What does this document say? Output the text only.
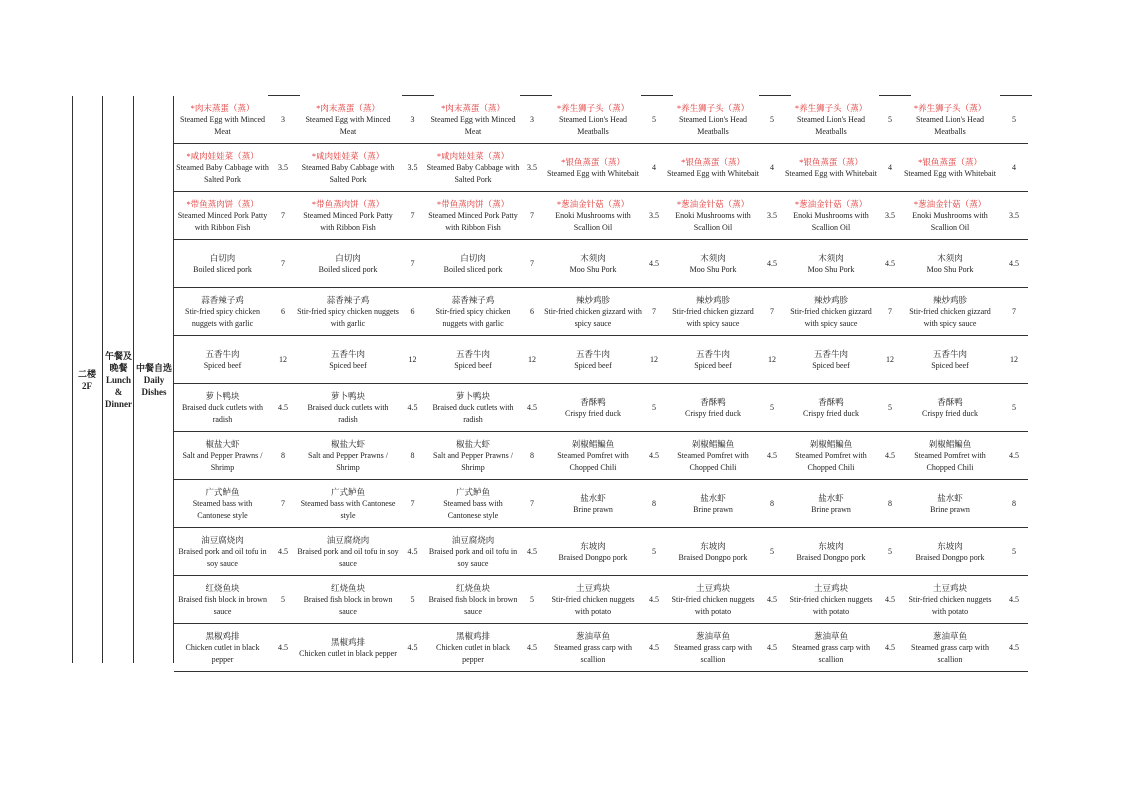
二楼
2F
午餐及
晚餐
Lunch
&
Dinner
中餐自选
Daily
Dishes
*肉末蒸蛋（蒸）
Steamed Egg with Minced Meat
3
*肉末蒸蛋（蒸）
Steamed Egg with Minced Meat
3
*肉末蒸蛋（蒸）
Steamed Egg with Minced Meat
3
*养生狮子头（蒸）
Steamed Lion's Head Meatballs
5
*养生狮子头（蒸）
Steamed Lion's Head Meatballs
5
*养生狮子头（蒸）
Steamed Lion's Head Meatballs
5
*养生狮子头（蒸）
Steamed Lion's Head Meatballs
5
*咸肉娃娃菜（蒸）
Steamed Baby Cabbage with Salted Pork
3.5
*咸肉娃娃菜（蒸）
Steamed Baby Cabbage with Salted Pork
3.5
*咸肉娃娃菜（蒸）
Steamed Baby Cabbage with Salted Pork
3.5
*银鱼蒸蛋（蒸）
Steamed Egg with Whitebait
4
*银鱼蒸蛋（蒸）
Steamed Egg with Whitebait
4
*银鱼蒸蛋（蒸）
Steamed Egg with Whitebait
4
*银鱼蒸蛋（蒸）
Steamed Egg with Whitebait
4
*带鱼蒸肉饼（蒸）
Steamed Minced Pork Patty with Ribbon Fish
7
*带鱼蒸肉饼（蒸）
Steamed Minced Pork Patty with Ribbon Fish
7
*带鱼蒸肉饼（蒸）
Steamed Minced Pork Patty with Ribbon Fish
7
*葱油金针菇（蒸）
Enoki Mushrooms with Scallion Oil
3.5
*葱油金针菇（蒸）
Enoki Mushrooms with Scallion Oil
3.5
*葱油金针菇（蒸）
Enoki Mushrooms with Scallion Oil
3.5
*葱油金针菇（蒸）
Enoki Mushrooms with Scallion Oil
3.5
白切肉
Boiled sliced pork
7
白切肉
Boiled sliced pork
7
白切肉
Boiled sliced pork
7
木须肉
Moo Shu Pork
4.5
木须肉
Moo Shu Pork
4.5
木须肉
Moo Shu Pork
4.5
木须肉
Moo Shu Pork
4.5
蒜香辣子鸡
Stir-fried spicy chicken nuggets with garlic
6
蒜香辣子鸡
Stir-fried spicy chicken nuggets with garlic
6
蒜香辣子鸡
Stir-fried spicy chicken nuggets with garlic
6
辣炒鸡胗
Stir-fried chicken gizzard with spicy sauce
7
辣炒鸡胗
Stir-fried chicken gizzard with spicy sauce
7
辣炒鸡胗
Stir-fried chicken gizzard with spicy sauce
7
辣炒鸡胗
Stir-fried chicken gizzard with spicy sauce
7
五香牛肉
Spiced beef
12
五香牛肉
Spiced beef
12
五香牛肉
Spiced beef
12
五香牛肉
Spiced beef
12
五香牛肉
Spiced beef
12
五香牛肉
Spiced beef
12
五香牛肉
Spiced beef
12
萝卜鸭块
Braised duck cutlets with radish
4.5
萝卜鸭块
Braised duck cutlets with radish
4.5
萝卜鸭块
Braised duck cutlets with radish
4.5
香酥鸭
Crispy fried duck
5
香酥鸭
Crispy fried duck
5
香酥鸭
Crispy fried duck
5
香酥鸭
Crispy fried duck
5
椒盐大虾
Salt and Pepper Prawns / Shrimp
8
椒盐大虾
Salt and Pepper Prawns / Shrimp
8
椒盐大虾
Salt and Pepper Prawns / Shrimp
8
剁椒鲳鳊鱼
Steamed Pomfret with Chopped Chili
4.5
剁椒鲳鳊鱼
Steamed Pomfret with Chopped Chili
4.5
剁椒鲳鳊鱼
Steamed Pomfret with Chopped Chili
4.5
剁椒鲳鳊鱼
Steamed Pomfret with Chopped Chili
4.5
广式鲈鱼
Steamed bass with Cantonese style
7
广式鲈鱼
Steamed bass with Cantonese style
7
广式鲈鱼
Steamed bass with Cantonese style
7
盐水虾
Brine prawn
8
盐水虾
Brine prawn
8
盐水虾
Brine prawn
8
盐水虾
Brine prawn
8
油豆腐烧肉
Braised pork and oil tofu in soy sauce
4.5
油豆腐烧肉
Braised pork and oil tofu in soy sauce
4.5
油豆腐烧肉
Braised pork and oil tofu in soy sauce
4.5
东坡肉
Braised Dongpo pork
5
东坡肉
Braised Dongpo pork
5
东坡肉
Braised Dongpo pork
5
东坡肉
Braised Dongpo pork
5
红烧鱼块
Braised fish block in brown sauce
5
红烧鱼块
Braised fish block in brown sauce
5
红烧鱼块
Braised fish block in brown sauce
5
土豆鸡块
Stir-fried chicken nuggets with potato
4.5
土豆鸡块
Stir-fried chicken nuggets with potato
4.5
土豆鸡块
Stir-fried chicken nuggets with potato
4.5
土豆鸡块
Stir-fried chicken nuggets with potato
4.5
黑椒鸡排
Chicken cutlet in black pepper
4.5
黑椒鸡排
Chicken cutlet in black pepper
4.5
黑椒鸡排
Chicken cutlet in black pepper
4.5
葱油草鱼
Steamed grass carp with scallion
4.5
葱油草鱼
Steamed grass carp with scallion
4.5
葱油草鱼
Steamed grass carp with scallion
4.5
葱油草鱼
Steamed grass carp with scallion
4.5
